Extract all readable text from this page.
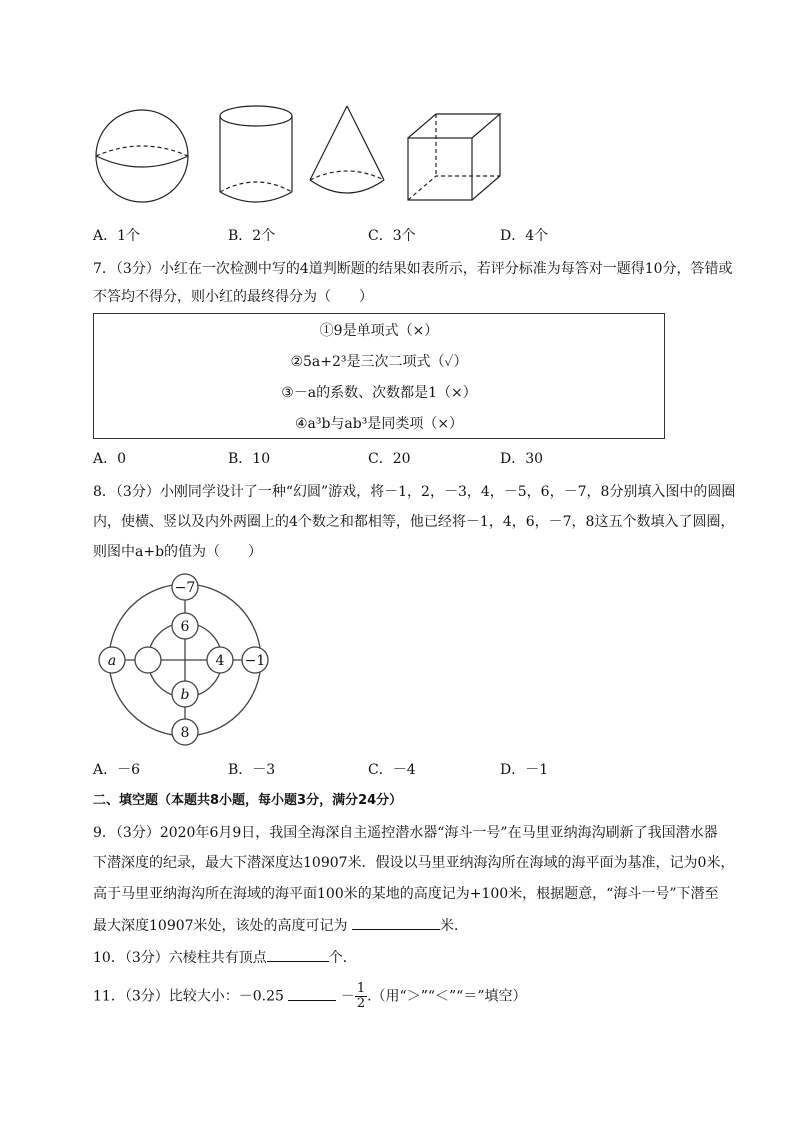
A．1个	B．2个	C．3个	D．4个
7．（3分）小红在一次检测中写的4道判断题的结果如表所示，若评分标准为每答对一题得10分，答错或
不答均不得分，则小红的最终得分为（　　）
①9是单项式（×）
②5a+2³是三次二项式（✓）
③－a的系数、次数都是1（×）
④a³b与ab³是同类项（×）
A．0	B．10	C．20	D．30
8．（3分）小刚同学设计了一种“幻圆”游戏，将－1，2，－3，4，－5，6，－7，8分别填入图中的圆圈
内，使横、竖以及内外两圈上的4个数之和都相等，他已经将－1，4，6，－7，8这五个数填入了圆圈，
则图中a+b的值为（　　）
−7
6
a	4 −1
b
8
A．－6	B．－3	C．－4	D．－1
二、填空题（本题共8小题，每小题3分，满分24分）
9．（3分）2020年6月9日，我国全海深自主遥控潜水器“海斗一号”在马里亚纳海沟刷新了我国潜水器
下潜深度的纪录，最大下潜深度达10907米．假设以马里亚纳海沟所在海域的海平面为基准，记为0米，
高于马里亚纳海沟所在海域的海平面100米的某地的高度记为+100米，根据题意，“海斗一号”下潜至
最大深度10907米处，该处的高度可记为	米．
10．（3分）六棱柱共有顶点	个．
11．（3分）比较大小：－0.25	－ $\frac{1}{2}$ .（用“＞”“＜”“＝”填空）
